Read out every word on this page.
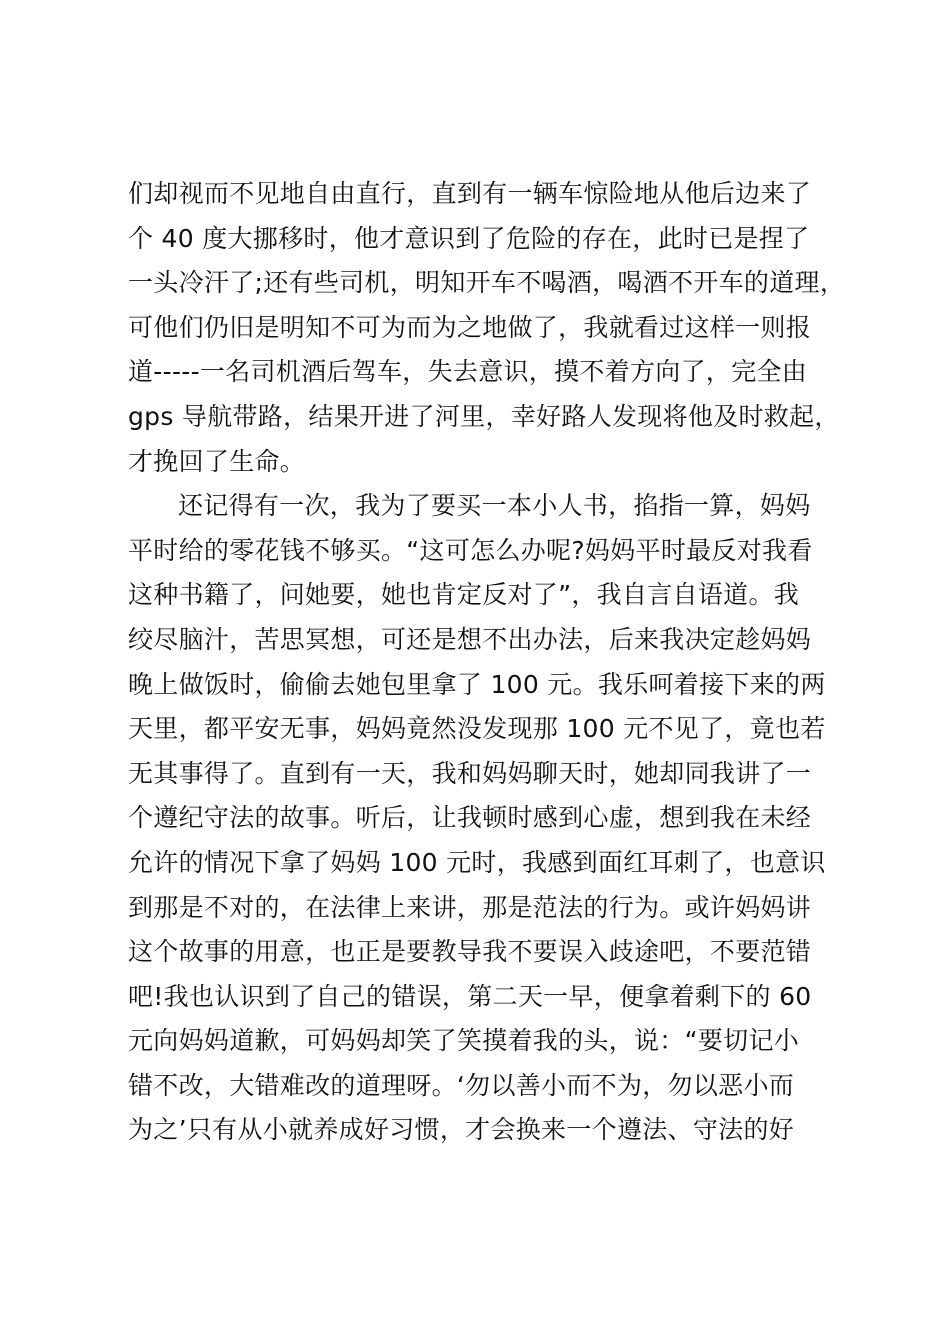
们却视而不见地自由直行，直到有一辆车惊险地从他后边来了
个 40 度大挪移时，他才意识到了危险的存在，此时已是捏了
一头冷汗了;还有些司机，明知开车不喝酒，喝酒不开车的道理，
可他们仍旧是明知不可为而为之地做了，我就看过这样一则报
道-----一名司机酒后驾车，失去意识，摸不着方向了，完全由
gps 导航带路，结果开进了河里，幸好路人发现将他及时救起，
才挽回了生命。
还记得有一次，我为了要买一本小人书，掐指一算，妈妈
平时给的零花钱不够买。“这可怎么办呢?妈妈平时最反对我看
这种书籍了，问她要，她也肯定反对了”，我自言自语道。我
绞尽脑汁，苦思冥想，可还是想不出办法，后来我决定趁妈妈
晚上做饭时，偷偷去她包里拿了 100 元。我乐呵着接下来的两
天里，都平安无事，妈妈竟然没发现那 100 元不见了，竟也若
无其事得了。直到有一天，我和妈妈聊天时，她却同我讲了一
个遵纪守法的故事。听后，让我顿时感到心虚，想到我在未经
允许的情况下拿了妈妈 100 元时，我感到面红耳刺了，也意识
到那是不对的，在法律上来讲，那是范法的行为。或许妈妈讲
这个故事的用意，也正是要教导我不要误入歧途吧，不要范错
吧!我也认识到了自己的错误，第二天一早，便拿着剩下的 60
元向妈妈道歉，可妈妈却笑了笑摸着我的头，说：“要切记小
错不改，大错难改的道理呀。‘勿以善小而不为，勿以恶小而
为之’只有从小就养成好习惯，才会换来一个遵法、守法的好
